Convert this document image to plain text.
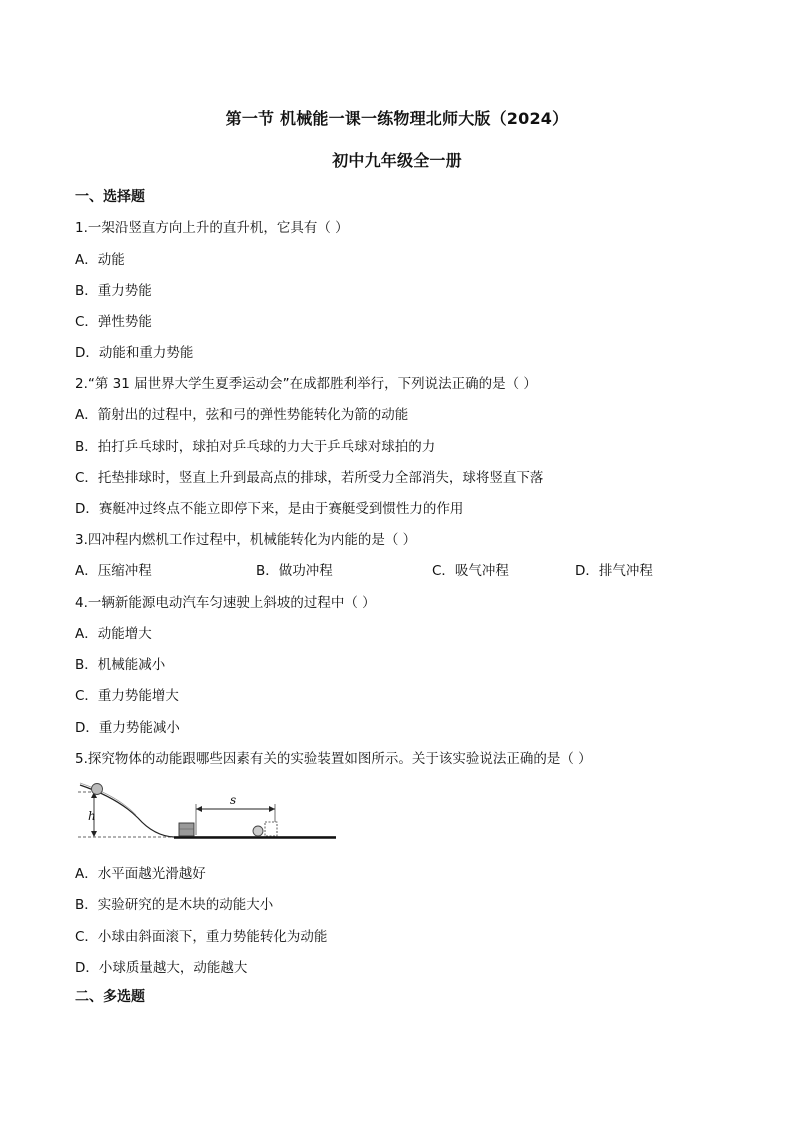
第一节 机械能一课一练物理北师大版（2024）
初中九年级全一册
一、选择题
1.一架沿竖直方向上升的直升机，它具有（ ）
A．动能
B．重力势能
C．弹性势能
D．动能和重力势能
2.“第 31 届世界大学生夏季运动会”在成都胜利举行，下列说法正确的是（ ）
A．箭射出的过程中，弦和弓的弹性势能转化为箭的动能
B．拍打乒乓球时，球拍对乒乓球的力大于乒乓球对球拍的力
C．托垫排球时，竖直上升到最高点的排球，若所受力全部消失，球将竖直下落
D．赛艇冲过终点不能立即停下来，是由于赛艇受到惯性力的作用
3.四冲程内燃机工作过程中，机械能转化为内能的是（ ）
A．压缩冲程	B．做功冲程	C．吸气冲程	D．排气冲程
4.一辆新能源电动汽车匀速驶上斜坡的过程中（ ）
A．动能增大
B．机械能减小
C．重力势能增大
D．重力势能减小
5.探究物体的动能跟哪些因素有关的实验装置如图所示。关于该实验说法正确的是（ ）
h
s
A．水平面越光滑越好
B．实验研究的是木块的动能大小
C．小球由斜面滚下，重力势能转化为动能
D．小球质量越大，动能越大
二、多选题
